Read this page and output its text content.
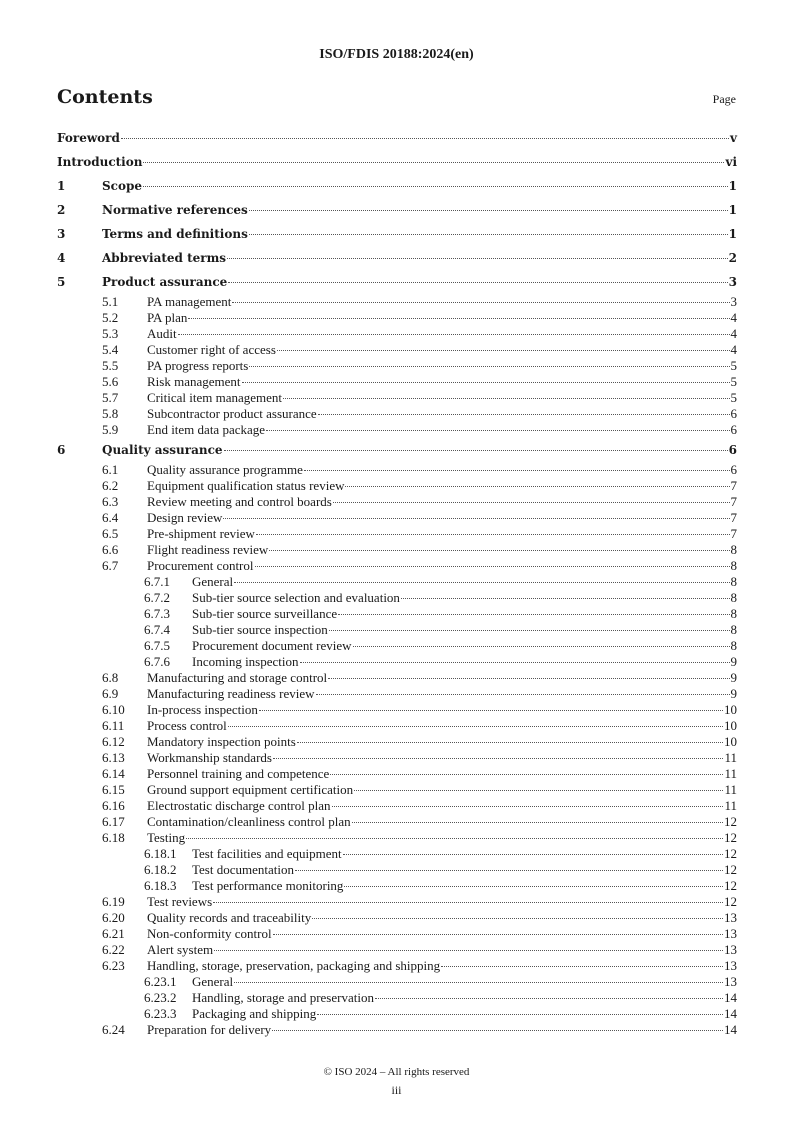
ISO/FDIS 20188:2024(en)
Contents	Page
Foreword	v
Introduction	vi
1	Scope	1
2	Normative references	1
3	Terms and definitions	1
4	Abbreviated terms	2
5	Product assurance	3
5.1	PA management	3
5.2	PA plan	4
5.3	Audit	4
5.4	Customer right of access	4
5.5	PA progress reports	5
5.6	Risk management	5
5.7	Critical item management	5
5.8	Subcontractor product assurance	6
5.9	End item data package	6
6	Quality assurance	6
6.1	Quality assurance programme	6
6.2	Equipment qualification status review	7
6.3	Review meeting and control boards	7
6.4	Design review	7
6.5	Pre-shipment review	7
6.6	Flight readiness review	8
6.7	Procurement control	8
6.7.1	General	8
6.7.2	Sub-tier source selection and evaluation	8
6.7.3	Sub-tier source surveillance	8
6.7.4	Sub-tier source inspection	8
6.7.5	Procurement document review	8
6.7.6	Incoming inspection	9
6.8	Manufacturing and storage control	9
6.9	Manufacturing readiness review	9
6.10	In-process inspection	10
6.11	Process control	10
6.12	Mandatory inspection points	10
6.13	Workmanship standards	11
6.14	Personnel training and competence	11
6.15	Ground support equipment certification	11
6.16	Electrostatic discharge control plan	11
6.17	Contamination/cleanliness control plan	12
6.18	Testing	12
6.18.1	Test facilities and equipment	12
6.18.2	Test documentation	12
6.18.3	Test performance monitoring	12
6.19	Test reviews	12
6.20	Quality records and traceability	13
6.21	Non-conformity control	13
6.22	Alert system	13
6.23	Handling, storage, preservation, packaging and shipping	13
6.23.1	General	13
6.23.2	Handling, storage and preservation	14
6.23.3	Packaging and shipping	14
6.24	Preparation for delivery	14
© ISO 2024 – All rights reserved
iii
